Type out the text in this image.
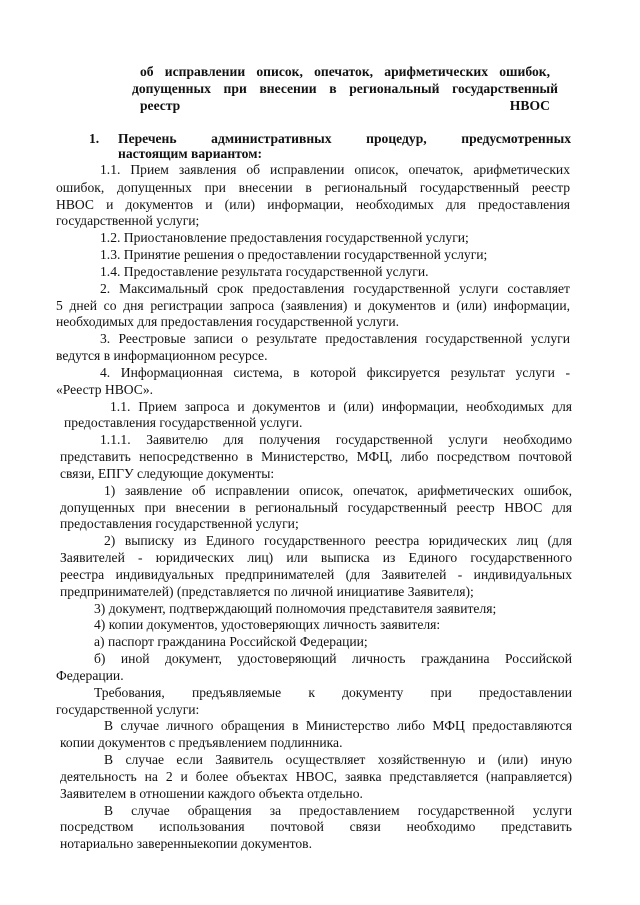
об исправлении описок, опечаток, арифметических ошибок,
допущенных при внесении в региональный государственный
реестр НВОС
1. Перечень	административных	процедур,	предусмотренных
настоящим вариантом:
1.1. Прием заявления об исправлении описок, опечаток, арифметических
ошибок, допущенных при внесении в региональный государственный реестр
НВОС и документов и (или) информации, необходимых для предоставления
государственной услуги;
1.2. Приостановление предоставления государственной услуги;
1.3. Принятие решения о предоставлении государственной услуги;
1.4. Предоставление результата государственной услуги.
2. Максимальный срок предоставления государственной услуги составляет
5 дней со дня регистрации запроса (заявления) и документов и (или) информации,
необходимых для предоставления государственной услуги.
3. Реестровые записи о результате предоставления государственной услуги
ведутся в информационном ресурсе.
4. Информационная система, в которой фиксируется результат услуги -
«Реестр НВОС».
1.1. Прием запроса и документов и (или) информации, необходимых для
предоставления государственной услуги.
1.1.1. Заявителю для получения государственной услуги необходимо
представить непосредственно в Министерство, МФЦ, либо посредством почтовой
связи, ЕПГУ следующие документы:
1) заявление об исправлении описок, опечаток, арифметических ошибок,
допущенных при внесении в региональный государственный реестр НВОС для
предоставления государственной услуги;
2) выписку из Единого государственного реестра юридических лиц (для
Заявителей - юридических лиц) или выписка из Единого государственного
реестра индивидуальных предпринимателей (для Заявителей - индивидуальных
предпринимателей) (представляется по личной инициативе Заявителя);
3) документ, подтверждающий полномочия представителя заявителя;
4) копии документов, удостоверяющих личность заявителя:
а) паспорт гражданина Российской Федерации;
б) иной документ, удостоверяющий личность гражданина Российской
Федерации.
Требования, предъявляемые к документу при предоставлении
государственной услуги:
В случае личного обращения в Министерство либо МФЦ предоставляются
копии документов с предъявлением подлинника.
В случае если Заявитель осуществляет хозяйственную и (или) иную
деятельность на 2 и более объектах НВОС, заявка представляется (направляется)
Заявителем в отношении каждого объекта отдельно.
В случае обращения за предоставлением государственной услуги
посредством использования почтовой связи необходимо представить
нотариально заверенныекопии документов.
